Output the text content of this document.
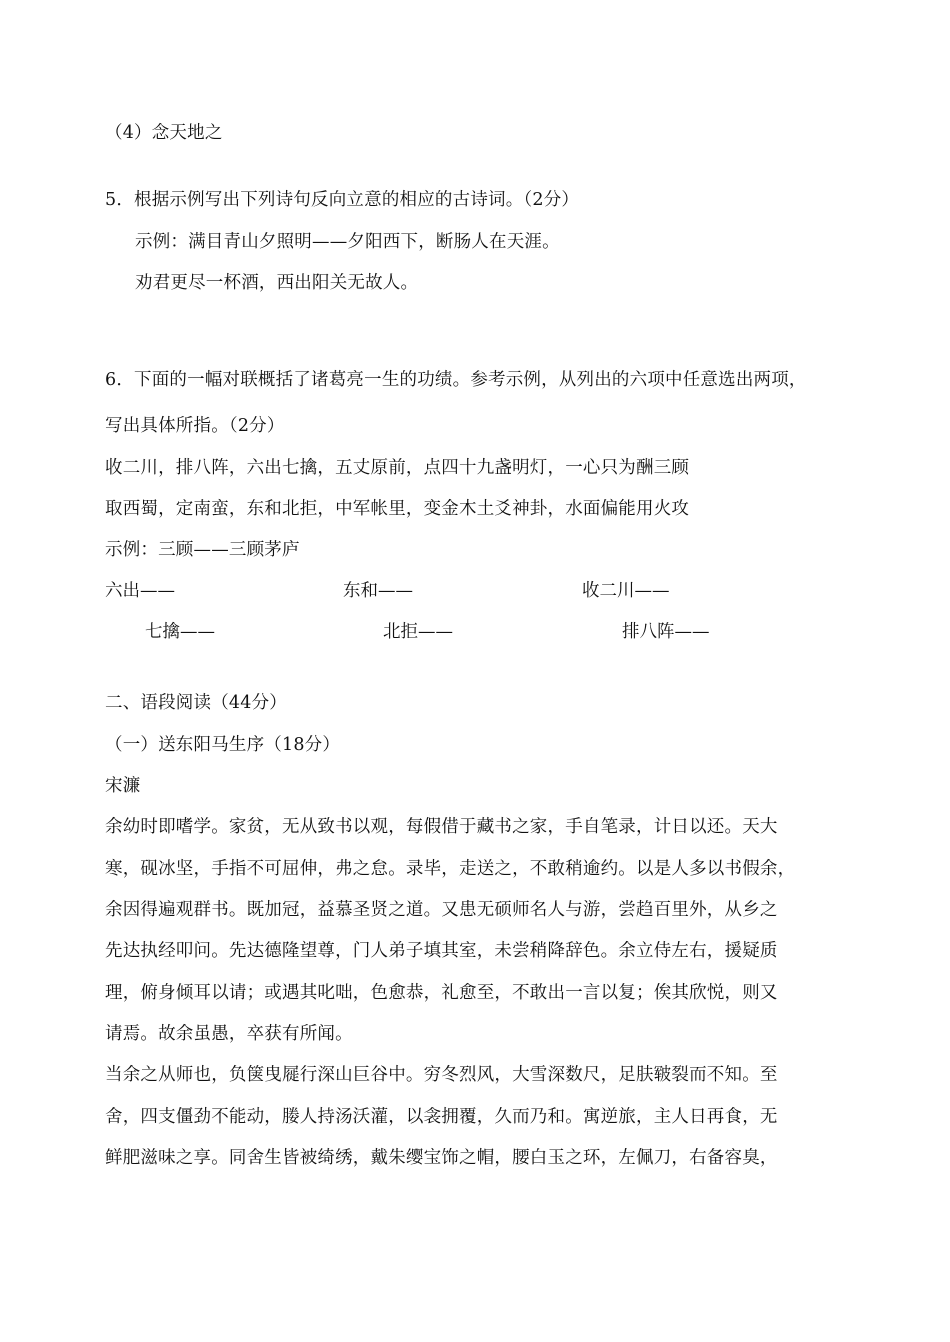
（4）念天地之
5．根据示例写出下列诗句反向立意的相应的古诗词。（2分）
示例：满目青山夕照明——夕阳西下，断肠人在天涯。
劝君更尽一杯酒，西出阳关无故人。
6．下面的一幅对联概括了诸葛亮一生的功绩。参考示例，从列出的六项中任意选出两项，
写出具体所指。（2分）
收二川，排八阵，六出七擒，五丈原前，点四十九盏明灯，一心只为酬三顾
取西蜀，定南蛮，东和北拒，中军帐里，变金木土爻神卦，水面偏能用火攻
示例：三顾——三顾茅庐
六出——	东和——	收二川——
七擒——	北拒——	排八阵——
二、语段阅读（44分）
（一）送东阳马生序（18分）
宋濂
余幼时即嗜学。家贫，无从致书以观，每假借于藏书之家，手自笔录，计日以还。天大
寒，砚冰坚，手指不可屈伸，弗之怠。录毕，走送之，不敢稍逾约。以是人多以书假余，
余因得遍观群书。既加冠，益慕圣贤之道。又患无硕师名人与游，尝趋百里外，从乡之
先达执经叩问。先达德隆望尊，门人弟子填其室，未尝稍降辞色。余立侍左右，援疑质
理，俯身倾耳以请；或遇其叱咄，色愈恭，礼愈至，不敢出一言以复；俟其欣悦，则又
请焉。故余虽愚，卒获有所闻。
当余之从师也，负箧曳屣行深山巨谷中。穷冬烈风，大雪深数尺，足肤皲裂而不知。至
舍，四支僵劲不能动，媵人持汤沃灌，以衾拥覆，久而乃和。寓逆旅，主人日再食，无
鲜肥滋味之享。同舍生皆被绮绣，戴朱缨宝饰之帽，腰白玉之环，左佩刀，右备容臭，
